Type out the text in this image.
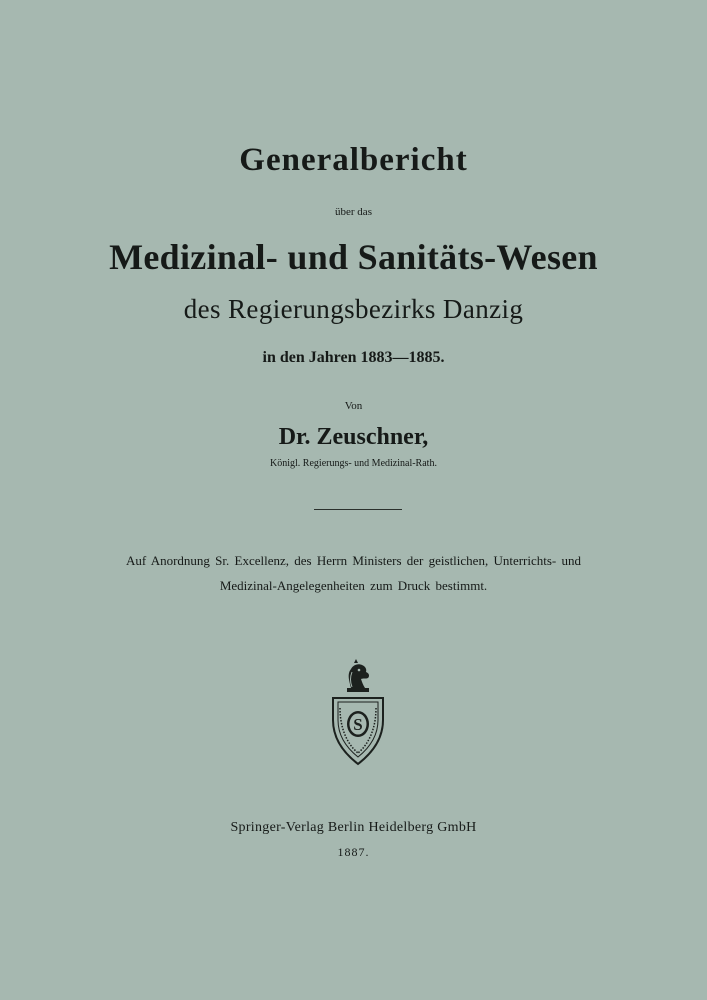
Generalbericht
über das
Medizinal- und Sanitäts-Wesen
des Regierungsbezirks Danzig
in den Jahren 1883—1885.
Von
Dr. Zeuschner,
Königl. Regierungs- und Medizinal-Rath.
Auf Anordnung Sr. Excellenz, des Herrn Ministers der geistlichen, Unterrichts- und
Medizinal-Angelegenheiten zum Druck bestimmt.
S
Springer-Verlag Berlin Heidelberg GmbH
1887.
